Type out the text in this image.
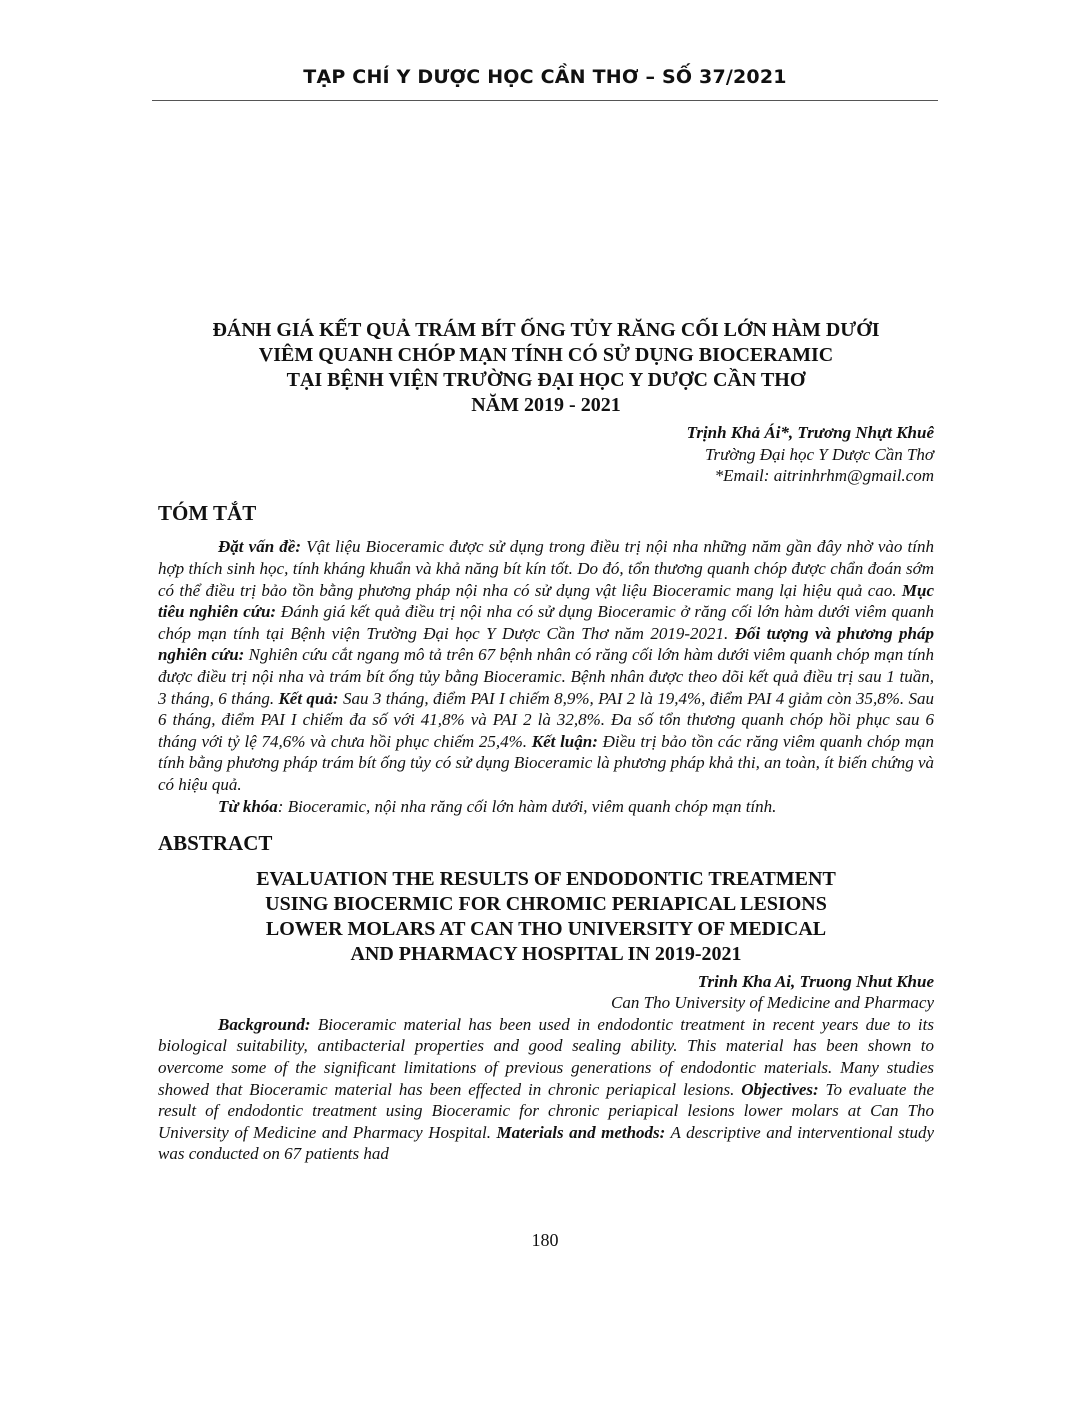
TẠP CHÍ Y DƯỢC HỌC CẦN THƠ – SỐ 37/2021
ĐÁNH GIÁ KẾT QUẢ TRÁM BÍT ỐNG TỦY RĂNG CỐI LỚN HÀM DƯỚI
VIÊM QUANH CHÓP MẠN TÍNH CÓ SỬ DỤNG BIOCERAMIC
TẠI BỆNH VIỆN TRƯỜNG ĐẠI HỌC Y DƯỢC CẦN THƠ
NĂM 2019 - 2021
Trịnh Khả Ái*, Trương Nhựt Khuê
Trường Đại học Y Dược Cần Thơ
*Email: aitrinhrhm@gmail.com
TÓM TẮT

Đặt vấn đề: Vật liệu Bioceramic được sử dụng trong điều trị nội nha những năm gần đây nhờ vào tính hợp thích sinh học, tính kháng khuẩn và khả năng bít kín tốt. Do đó, tổn thương quanh chóp được chẩn đoán sớm có thể điều trị bảo tồn bằng phương pháp nội nha có sử dụng vật liệu Bioceramic mang lại hiệu quả cao. Mục tiêu nghiên cứu: Đánh giá kết quả điều trị nội nha có sử dụng Bioceramic ở răng cối lớn hàm dưới viêm quanh chóp mạn tính tại Bệnh viện Trường Đại học Y Dược Cần Thơ năm 2019-2021. Đối tượng và phương pháp nghiên cứu: Nghiên cứu cắt ngang mô tả trên 67 bệnh nhân có răng cối lớn hàm dưới viêm quanh chóp mạn tính được điều trị nội nha và trám bít ống tủy bằng Bioceramic. Bệnh nhân được theo dõi kết quả điều trị sau 1 tuần, 3 tháng, 6 tháng. Kết quả: Sau 3 tháng, điểm PAI I chiếm 8,9%, PAI 2 là 19,4%, điểm PAI 4 giảm còn 35,8%. Sau 6 tháng, điểm PAI I chiếm đa số với 41,8% và PAI 2 là 32,8%. Đa số tổn thương quanh chóp hồi phục sau 6 tháng với tỷ lệ 74,6% và chưa hồi phục chiếm 25,4%. Kết luận: Điều trị bảo tồn các răng viêm quanh chóp mạn tính bằng phương pháp trám bít ống tủy có sử dụng Bioceramic là phương pháp khả thi, an toàn, ít biến chứng và có hiệu quả.

Từ khóa: Bioceramic, nội nha răng cối lớn hàm dưới, viêm quanh chóp mạn tính.

ABSTRACT
EVALUATION THE RESULTS OF ENDODONTIC TREATMENT
USING BIOCERMIC FOR CHROMIC PERIAPICAL LESIONS
LOWER MOLARS AT CAN THO UNIVERSITY OF MEDICAL
AND PHARMACY HOSPITAL IN 2019-2021
Trinh Kha Ai, Truong Nhut Khue
Can Tho University of Medicine and Pharmacy

Background: Bioceramic material has been used in endodontic treatment in recent years due to its biological suitability, antibacterial properties and good sealing ability. This material has been shown to overcome some of the significant limitations of previous generations of endodontic materials. Many studies showed that Bioceramic material has been effected in chronic periapical lesions. Objectives: To evaluate the result of endodontic treatment using Bioceramic for chronic periapical lesions lower molars at Can Tho University of Medicine and Pharmacy Hospital. Materials and methods: A descriptive and interventional study was conducted on 67 patients had

180
